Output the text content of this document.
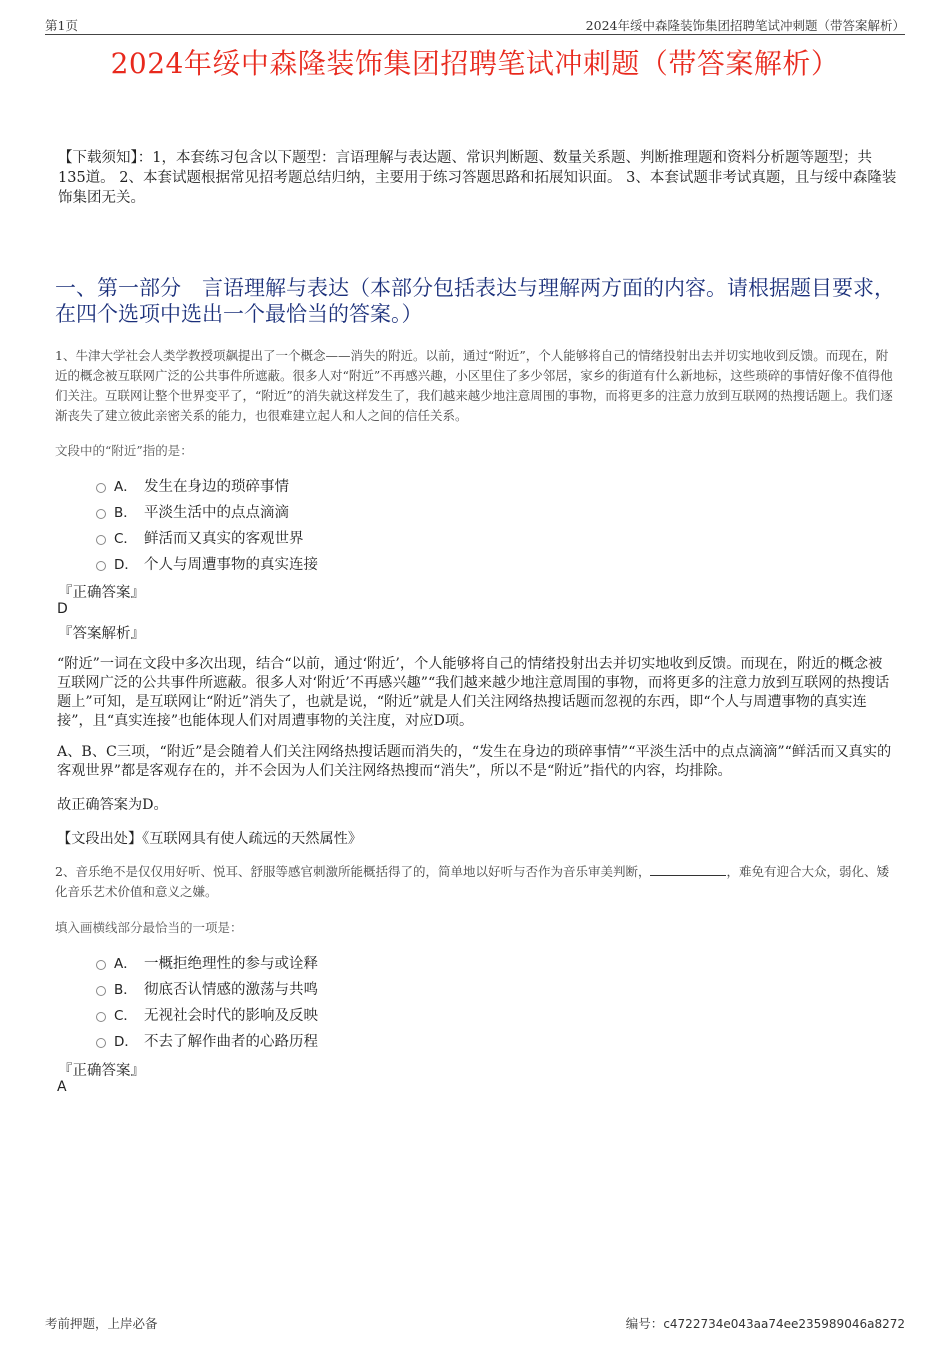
第1页	2024年绥中森隆装饰集团招聘笔试冲刺题（带答案解析）
2024年绥中森隆装饰集团招聘笔试冲刺题（带答案解析）
【下载须知】：1，本套练习包含以下题型：言语理解与表达题、常识判断题、数量关系题、判断推理题和资料分析题等题型；共135道。 2、本套试题根据常见招考题总结归纳，主要用于练习答题思路和拓展知识面。 3、本套试题非考试真题，且与绥中森隆装饰集团无关。
一、第一部分　言语理解与表达（本部分包括表达与理解两方面的内容。请根据题目要求，在四个选项中选出一个最恰当的答案。）
1、牛津大学社会人类学教授项飙提出了一个概念——消失的附近。以前，通过“附近”，个人能够将自己的情绪投射出去并切实地收到反馈。而现在，附近的概念被互联网广泛的公共事件所遮蔽。很多人对“附近”不再感兴趣，小区里住了多少邻居，家乡的街道有什么新地标，这些琐碎的事情好像不值得他们关注。互联网让整个世界变平了，“附近”的消失就这样发生了，我们越来越少地注意周围的事物，而将更多的注意力放到互联网的热搜话题上。我们逐渐丧失了建立彼此亲密关系的能力，也很难建立起人和人之间的信任关系。
文段中的“附近”指的是：
A． 发生在身边的琐碎事情
B． 平淡生活中的点点滴滴
C． 鲜活而又真实的客观世界
D． 个人与周遭事物的真实连接
『正确答案』
D
『答案解析』
“附近”一词在文段中多次出现，结合“以前，通过‘附近’，个人能够将自己的情绪投射出去并切实地收到反馈。而现在，附近的概念被互联网广泛的公共事件所遮蔽。很多人对‘附近’不再感兴趣”“我们越来越少地注意周围的事物，而将更多的注意力放到互联网的热搜话题上”可知，是互联网让“附近”消失了，也就是说，“附近”就是人们关注网络热搜话题而忽视的东西，即“个人与周遭事物的真实连接”，且“真实连接”也能体现人们对周遭事物的关注度，对应D项。
A、B、C三项，“附近”是会随着人们关注网络热搜话题而消失的，“发生在身边的琐碎事情”“平淡生活中的点点滴滴”“鲜活而又真实的客观世界”都是客观存在的，并不会因为人们关注网络热搜而“消失”，所以不是“附近”指代的内容，均排除。
故正确答案为D。
【文段出处】《互联网具有使人疏远的天然属性》
2、音乐绝不是仅仅用好听、悦耳、舒服等感官刺激所能概括得了的，简单地以好听与否作为音乐审美判断，	，难免有迎合大众，弱化、矮化音乐艺术价值和意义之嫌。
填入画横线部分最恰当的一项是：
A． 一概拒绝理性的参与或诠释
B． 彻底否认情感的激荡与共鸣
C． 无视社会时代的影响及反映
D． 不去了解作曲者的心路历程
『正确答案』
A
考前押题，上岸必备	编号：c4722734e043aa74ee235989046a8272
